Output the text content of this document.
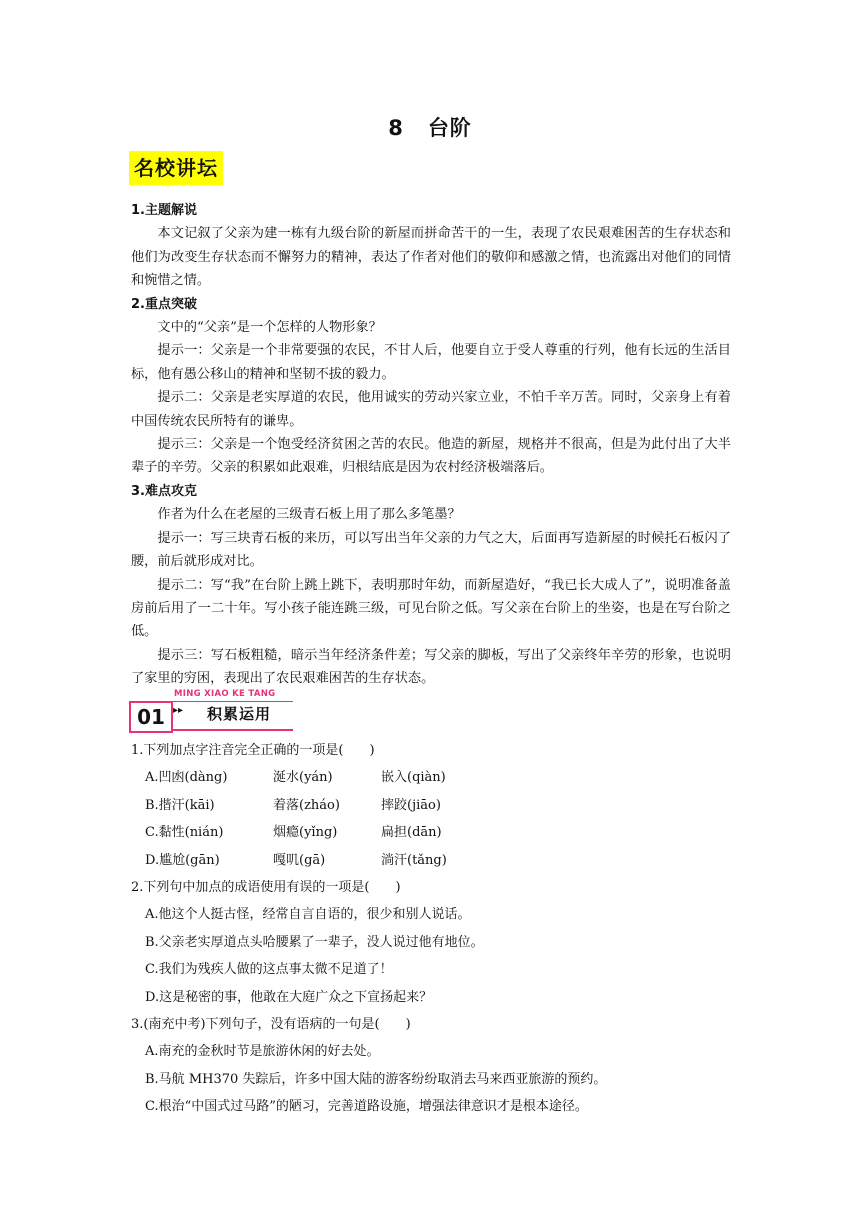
8 台阶
名校讲坛

1.主题解说

本文记叙了父亲为建一栋有九级台阶的新屋而拼命苦干的一生，表现了农民艰难困苦的生存状态和他们为改变生存状态而不懈努力的精神，表达了作者对他们的敬仰和感激之情，也流露出对他们的同情和惋惜之情。

2.重点突破

文中的“父亲”是一个怎样的人物形象？

提示一：父亲是一个非常要强的农民，不甘人后，他要自立于受人尊重的行列，他有长远的生活目标，他有愚公移山的精神和坚韧不拔的毅力。

提示二：父亲是老实厚道的农民，他用诚实的劳动兴家立业，不怕千辛万苦。同时，父亲身上有着中国传统农民所特有的谦卑。

提示三：父亲是一个饱受经济贫困之苦的农民。他造的新屋，规格并不很高，但是为此付出了大半辈子的辛劳。父亲的积累如此艰难，归根结底是因为农村经济极端落后。

3.难点攻克

作者为什么在老屋的三级青石板上用了那么多笔墨？

提示一：写三块青石板的来历，可以写出当年父亲的力气之大，后面再写造新屋的时候托石板闪了腰，前后就形成对比。

提示二：写“我”在台阶上跳上跳下，表明那时年幼，而新屋造好，“我已长大成人了”，说明准备盖房前后用了一二十年。写小孩子能连跳三级，可见台阶之低。写父亲在台阶上的坐姿，也是在写台阶之低。

提示三：写石板粗糙，暗示当年经济条件差；写父亲的脚板，写出了父亲终年辛劳的形象，也说明了家里的穷困，表现出了农民艰难困苦的生存状态。

MING XIAO KE TANG
01 ▸▸ 积累运用

1.下列加点字注音完全正确的一项是(　　)

A.凹凼(dàng)	涎水(yán)	嵌入(qiàn)
B.揩汗(kāi)	着落(zháo)	摔跤(jiāo)
C.黏性(nián)	烟瘾(yǐng)	扁担(dān)
D.尴尬(gān)	嘎叽(gā)	淌汗(tǎng)

2.下列句中加点的成语使用有误的一项是(　　)

A.他这个人挺古怪，经常自言自语的，很少和别人说话。

B.父亲老实厚道点头哈腰累了一辈子，没人说过他有地位。

C.我们为残疾人做的这点事太微不足道了！

D.这是秘密的事，他敢在大庭广众之下宣扬起来？

3.(南充中考)下列句子，没有语病的一句是(　　)

A.南充的金秋时节是旅游休闲的好去处。

B.马航 MH370 失踪后，许多中国大陆的游客纷纷取消去马来西亚旅游的预约。

C.根治“中国式过马路”的陋习，完善道路设施，增强法律意识才是根本途径。
